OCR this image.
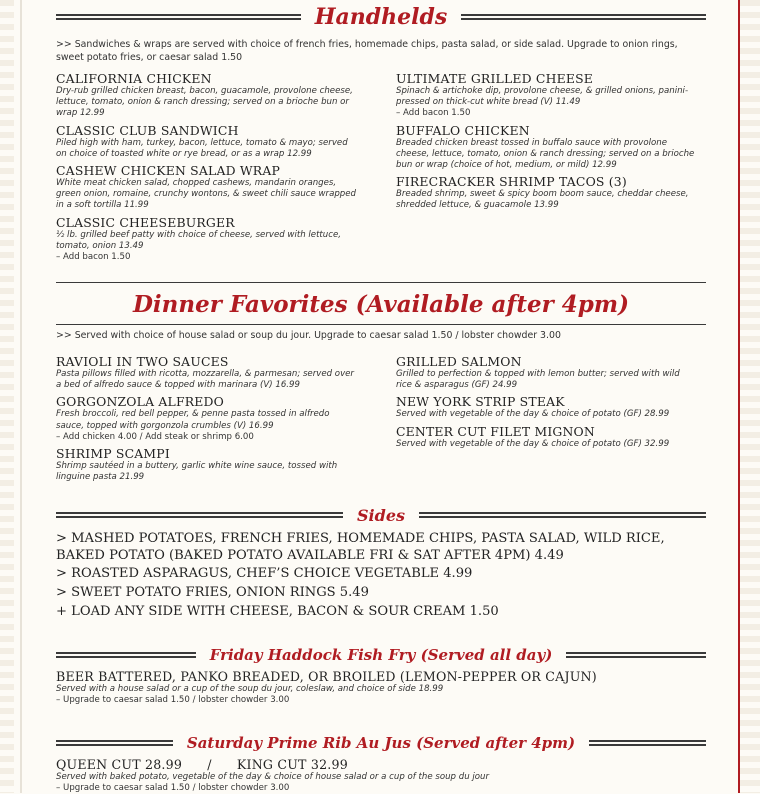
Handhelds
>> Sandwiches & wraps are served with choice of french fries, homemade chips, pasta salad, or side salad. Upgrade to onion rings, sweet potato fries, or caesar salad 1.50
CALIFORNIA CHICKEN
Dry-rub grilled chicken breast, bacon, guacamole, provolone cheese, lettuce, tomato, onion & ranch dressing; served on a brioche bun or wrap 12.99
CLASSIC CLUB SANDWICH
Piled high with ham, turkey, bacon, lettuce, tomato & mayo; served on choice of toasted white or rye bread, or as a wrap 12.99
CASHEW CHICKEN SALAD WRAP
White meat chicken salad, chopped cashews, mandarin oranges, green onion, romaine, crunchy wontons, & sweet chili sauce wrapped in a soft tortilla 11.99
CLASSIC CHEESEBURGER
½ lb. grilled beef patty with choice of cheese, served with lettuce, tomato, onion 13.49
– Add bacon 1.50
ULTIMATE GRILLED CHEESE
Spinach & artichoke dip, provolone cheese, & grilled onions, panini-pressed on thick-cut white bread (V) 11.49
– Add bacon 1.50
BUFFALO CHICKEN
Breaded chicken breast tossed in buffalo sauce with provolone cheese, lettuce, tomato, onion & ranch dressing; served on a brioche bun or wrap (choice of hot, medium, or mild) 12.99
FIRECRACKER SHRIMP TACOS (3)
Breaded shrimp, sweet & spicy boom boom sauce, cheddar cheese, shredded lettuce, & guacamole 13.99
Dinner Favorites (Available after 4pm)
>> Served with choice of house salad or soup du jour. Upgrade to caesar salad 1.50 / lobster chowder 3.00
RAVIOLI IN TWO SAUCES
Pasta pillows filled with ricotta, mozzarella, & parmesan; served over a bed of alfredo sauce & topped with marinara (V) 16.99
GORGONZOLA ALFREDO
Fresh broccoli, red bell pepper, & penne pasta tossed in alfredo sauce, topped with gorgonzola crumbles (V) 16.99
– Add chicken 4.00 / Add steak or shrimp 6.00
SHRIMP SCAMPI
Shrimp sautéed in a buttery, garlic white wine sauce, tossed with linguine pasta 21.99
GRILLED SALMON
Grilled to perfection & topped with lemon butter; served with wild rice & asparagus (GF) 24.99
NEW YORK STRIP STEAK
Served with vegetable of the day & choice of potato (GF) 28.99
CENTER CUT FILET MIGNON
Served with vegetable of the day & choice of potato (GF) 32.99
Sides
> MASHED POTATOES, FRENCH FRIES, HOMEMADE CHIPS, PASTA SALAD, WILD RICE, BAKED POTATO (BAKED POTATO AVAILABLE FRI & SAT AFTER 4PM) 4.49
> ROASTED ASPARAGUS, CHEF’S CHOICE VEGETABLE 4.99
> SWEET POTATO FRIES, ONION RINGS 5.49
+ LOAD ANY SIDE WITH CHEESE, BACON & SOUR CREAM 1.50
Friday Haddock Fish Fry (Served all day)
BEER BATTERED, PANKO BREADED, OR BROILED (LEMON-PEPPER OR CAJUN)
Served with a house salad or a cup of the soup du jour, coleslaw, and choice of side 18.99
– Upgrade to caesar salad 1.50 / lobster chowder 3.00
Saturday Prime Rib Au Jus (Served after 4pm)
QUEEN CUT 28.99      /      KING CUT 32.99
Served with baked potato, vegetable of the day & choice of house salad or a cup of the soup du jour
– Upgrade to caesar salad 1.50 / lobster chowder 3.00
